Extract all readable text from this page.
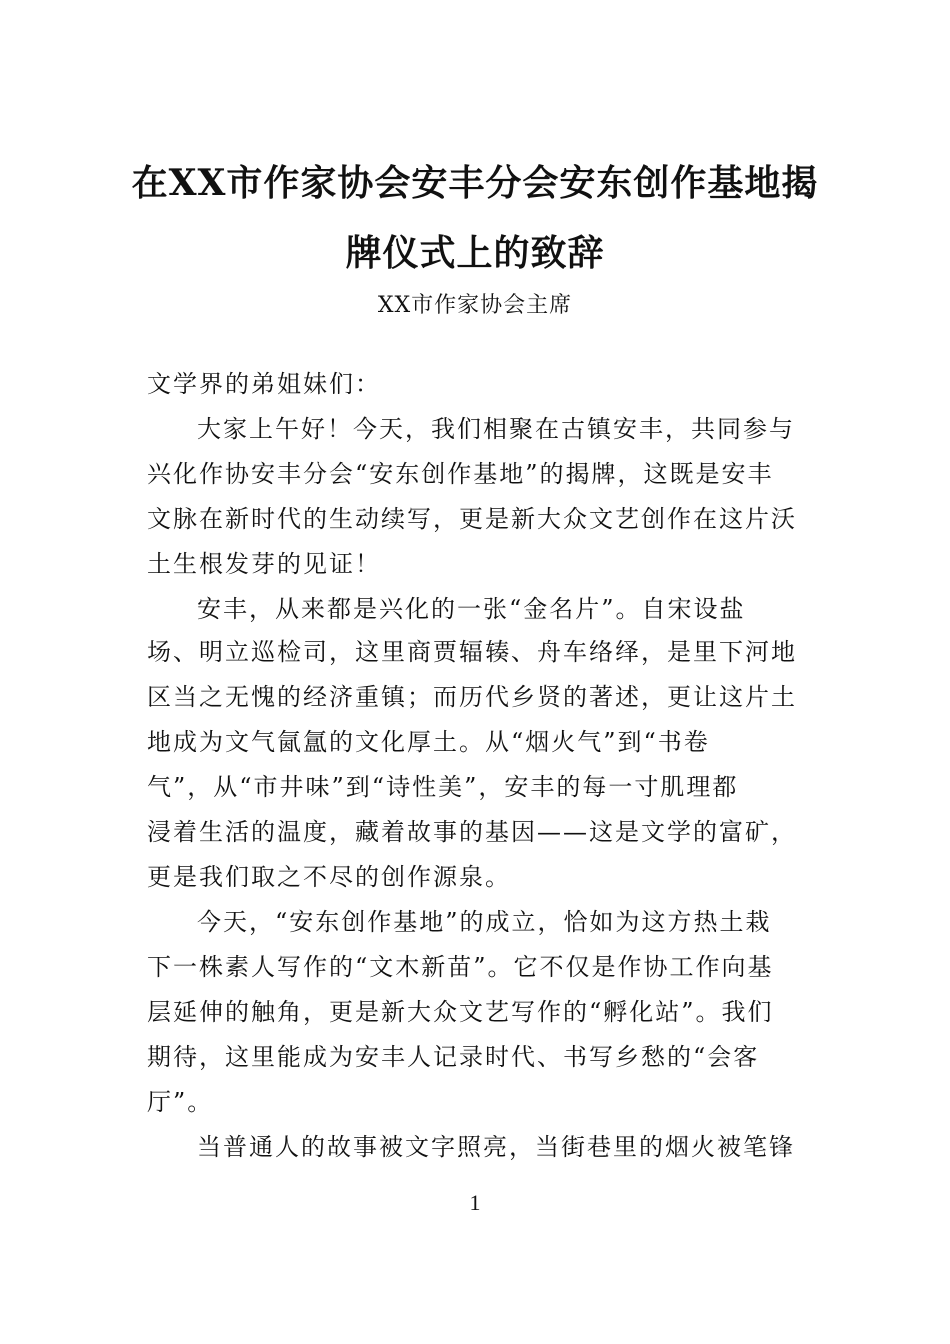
在XX市作家协会安丰分会安东创作基地揭
牌仪式上的致辞
XX市作家协会主席
文学界的弟姐妹们：
大家上午好！今天，我们相聚在古镇安丰，共同参与
兴化作协安丰分会“安东创作基地”的揭牌，这既是安丰
文脉在新时代的生动续写，更是新大众文艺创作在这片沃
土生根发芽的见证！
安丰，从来都是兴化的一张“金名片”。自宋设盐
场、明立巡检司，这里商贾辐辏、舟车络绎，是里下河地
区当之无愧的经济重镇；而历代乡贤的著述，更让这片土
地成为文气氤氲的文化厚土。从“烟火气”到“书卷
气”，从“市井味”到“诗性美”，安丰的每一寸肌理都
浸着生活的温度，藏着故事的基因——这是文学的富矿，
更是我们取之不尽的创作源泉。
今天，“安东创作基地”的成立，恰如为这方热土栽
下一株素人写作的“文木新苗”。它不仅是作协工作向基
层延伸的触角，更是新大众文艺写作的“孵化站”。我们
期待，这里能成为安丰人记录时代、书写乡愁的“会客
厅”。
当普通人的故事被文字照亮，当街巷里的烟火被笔锋
1
